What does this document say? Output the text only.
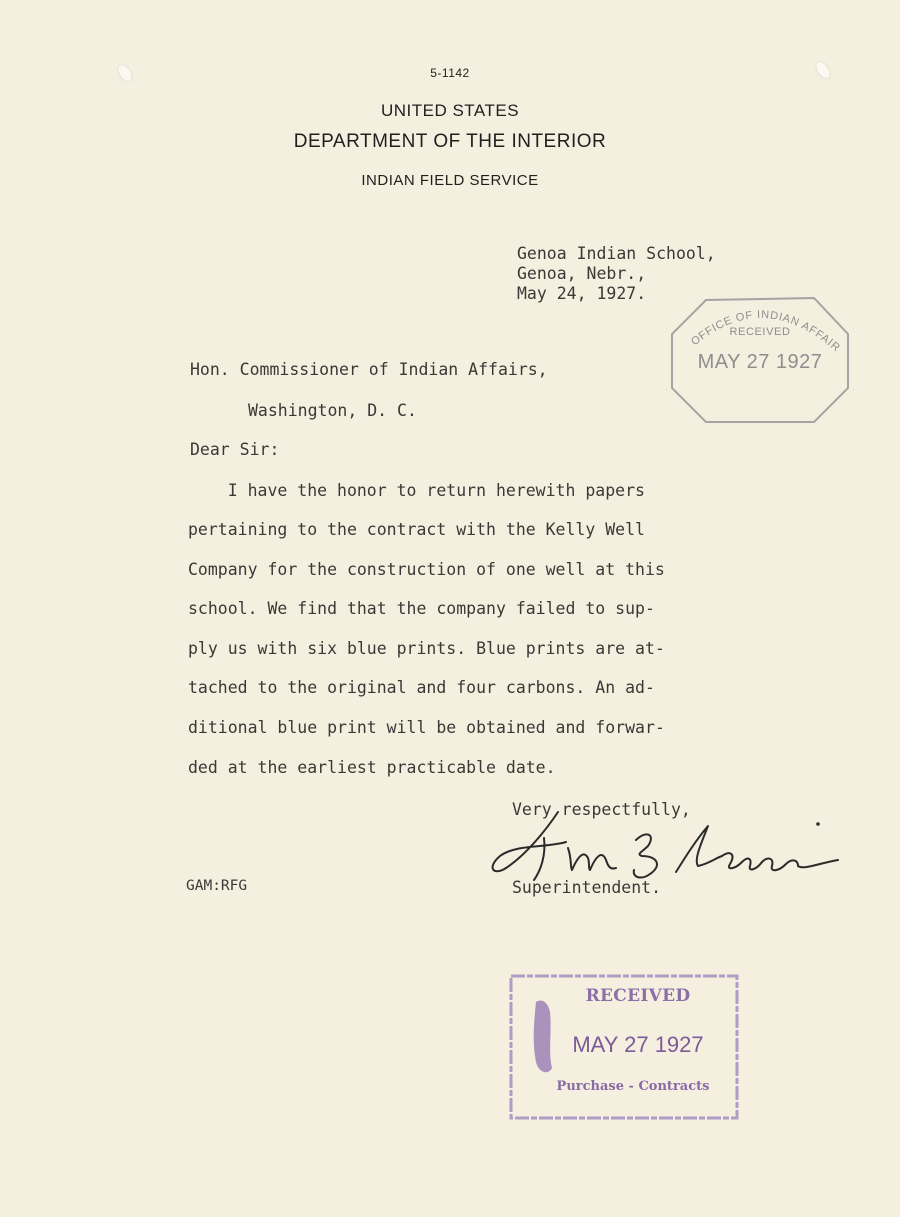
5-1142
UNITED STATES
DEPARTMENT OF THE INTERIOR
INDIAN FIELD SERVICE
Genoa Indian School,
Genoa, Nebr.,
May 24, 1927.
OFFICE OF INDIAN AFFAIR
RECEIVED
MAY 27 1927
Hon. Commissioner of Indian Affairs,
Washington, D. C.
Dear Sir:
I have the honor to return herewith papers
pertaining to the contract with the Kelly Well
Company for the construction of one well at this
school. We find that the company failed to sup-
ply us with six blue prints. Blue prints are at-
tached to the original and four carbons. An ad-
ditional blue print will be obtained and forwar-
ded at the earliest practicable date.
Very respectfully,
Superintendent.
GAM:RFG
RECEIVED
MAY 27 1927
Purchase - Contracts
